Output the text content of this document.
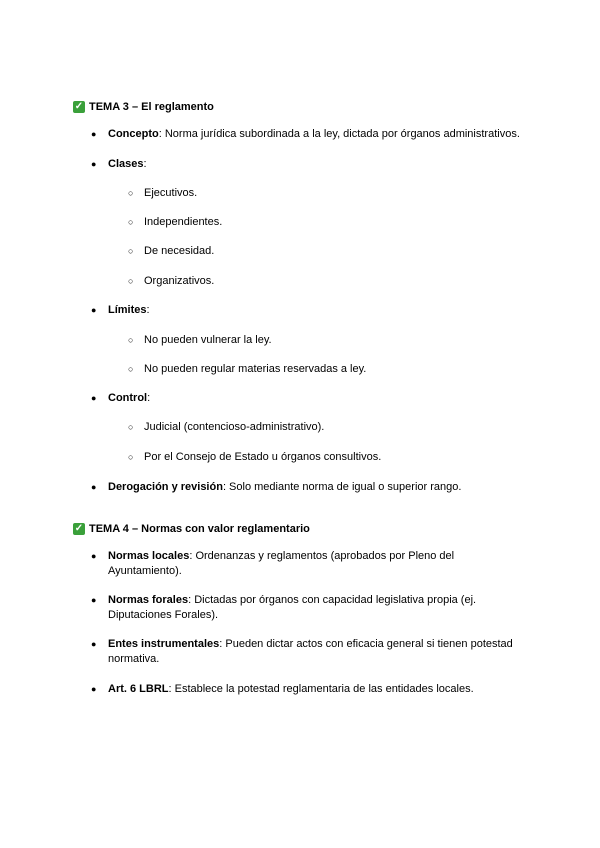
✓ TEMA 3 – El reglamento
● Concepto: Norma jurídica subordinada a la ley, dictada por órganos administrativos.
● Clases:
○ Ejecutivos.
○ Independientes.
○ De necesidad.
○ Organizativos.
● Límites:
○ No pueden vulnerar la ley.
○ No pueden regular materias reservadas a ley.
● Control:
○ Judicial (contencioso-administrativo).
○ Por el Consejo de Estado u órganos consultivos.
● Derogación y revisión: Solo mediante norma de igual o superior rango.
✓ TEMA 4 – Normas con valor reglamentario
● Normas locales: Ordenanzas y reglamentos (aprobados por Pleno del
Ayuntamiento).
● Normas forales: Dictadas por órganos con capacidad legislativa propia (ej.
Diputaciones Forales).
● Entes instrumentales: Pueden dictar actos con eficacia general si tienen potestad
normativa.
● Art. 6 LBRL: Establece la potestad reglamentaria de las entidades locales.
